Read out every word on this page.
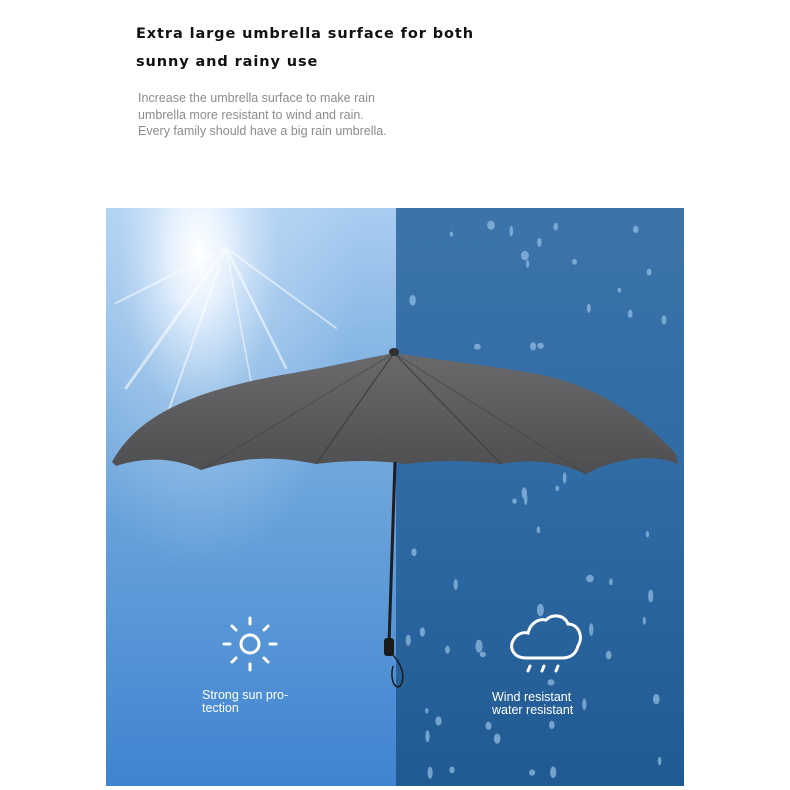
Extra large umbrella surface for both
sunny and rainy use
Increase the umbrella surface to make rain
umbrella more resistant to wind and rain.
Every family should have a big rain umbrella.
Strong sun pro-
tection
Wind resistant
water resistant
